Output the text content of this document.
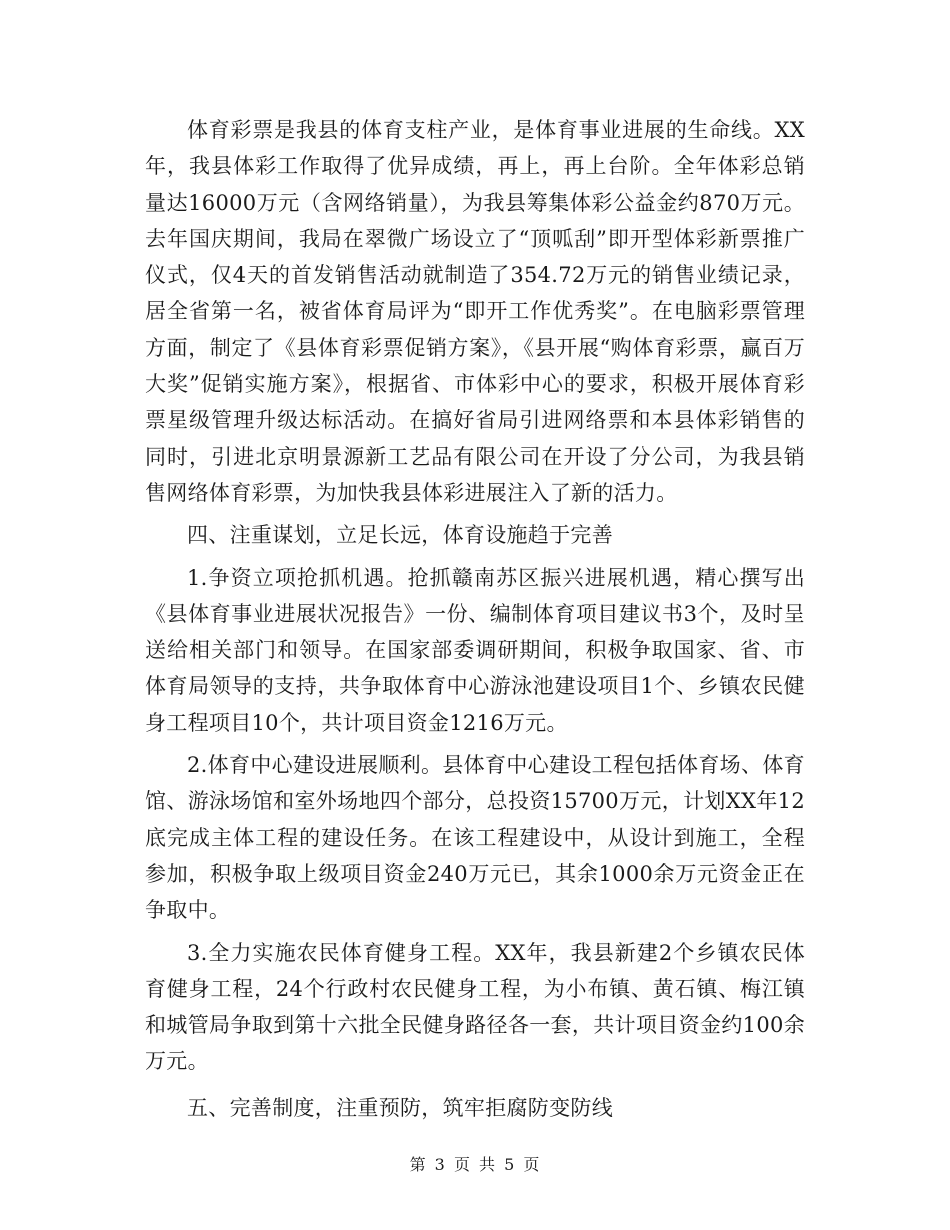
体育彩票是我县的体育支柱产业，是体育事业进展的生命线。XX年，我县体彩工作取得了优异成绩，再上，再上台阶。全年体彩总销量达16000万元（含网络销量），为我县筹集体彩公益金约870万元。去年国庆期间，我局在翠微广场设立了“顶呱刮”即开型体彩新票推广仪式，仅4天的首发销售活动就制造了354.72万元的销售业绩记录，居全省第一名，被省体育局评为“即开工作优秀奖”。在电脑彩票管理方面，制定了《县体育彩票促销方案》，《县开展“购体育彩票，赢百万大奖”促销实施方案》，根据省、市体彩中心的要求，积极开展体育彩票星级管理升级达标活动。在搞好省局引进网络票和本县体彩销售的同时，引进北京明景源新工艺品有限公司在开设了分公司，为我县销售网络体育彩票，为加快我县体彩进展注入了新的活力。

四、注重谋划，立足长远，体育设施趋于完善

1.争资立项抢抓机遇。抢抓赣南苏区振兴进展机遇，精心撰写出《县体育事业进展状况报告》一份、编制体育项目建议书3个，及时呈送给相关部门和领导。在国家部委调研期间，积极争取国家、省、市体育局领导的支持，共争取体育中心游泳池建设项目1个、乡镇农民健身工程项目10个，共计项目资金1216万元。

2.体育中心建设进展顺利。县体育中心建设工程包括体育场、体育馆、游泳场馆和室外场地四个部分，总投资15700万元，计划XX年12底完成主体工程的建设任务。在该工程建设中，从设计到施工，全程参加，积极争取上级项目资金240万元已，其余1000余万元资金正在争取中。

3.全力实施农民体育健身工程。XX年，我县新建2个乡镇农民体育健身工程，24个行政村农民健身工程，为小布镇、黄石镇、梅江镇和城管局争取到第十六批全民健身路径各一套，共计项目资金约100余万元。

五、完善制度，注重预防，筑牢拒腐防变防线

第 3 页 共 5 页
